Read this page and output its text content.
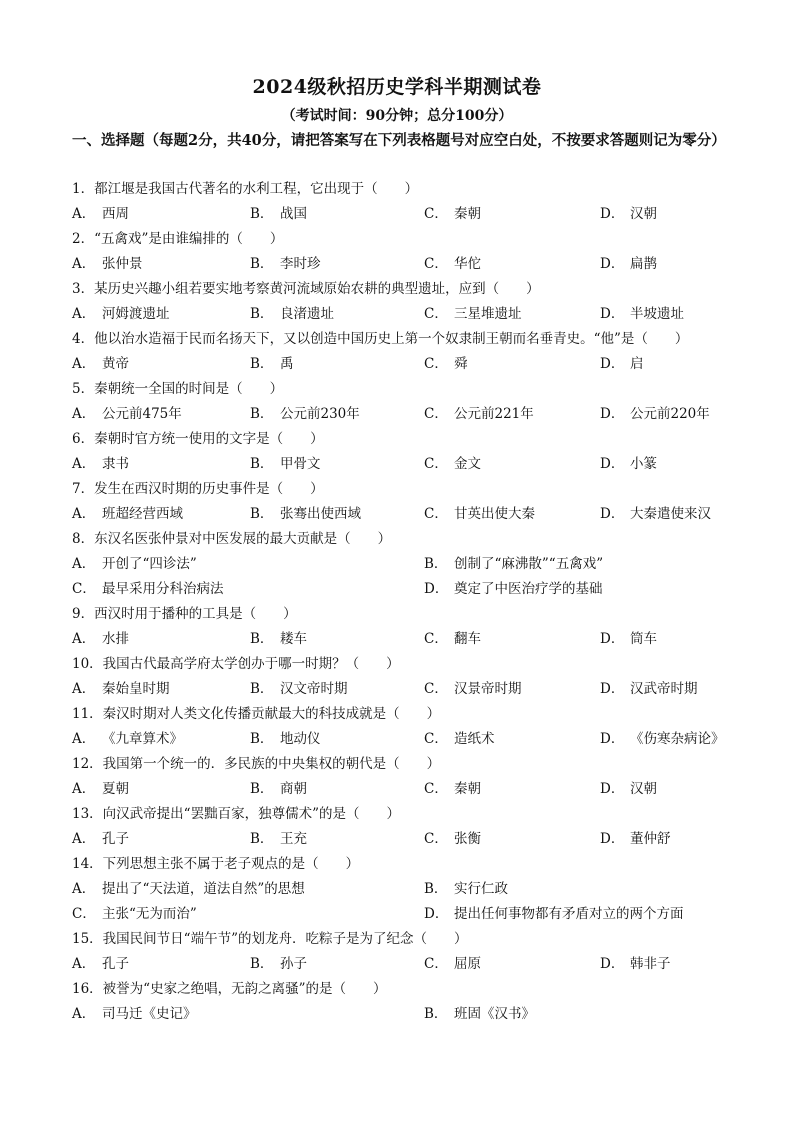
2024级秋招历史学科半期测试卷
（考试时间：90分钟；总分100分）
一、选择题（每题2分，共40分，请把答案写在下列表格题号对应空白处，不按要求答题则记为零分）
1．都江堰是我国古代著名的水利工程，它出现于（　　）
A． 西周	B． 战国	C． 秦朝	D． 汉朝
2．“五禽戏”是由谁编排的（　　）
A． 张仲景	B． 李时珍	C． 华佗	D． 扁鹊
3．某历史兴趣小组若要实地考察黄河流域原始农耕的典型遗址，应到（　　）
A． 河姆渡遗址	B． 良渚遗址	C． 三星堆遗址	D． 半坡遗址
4．他以治水造福于民而名扬天下，又以创造中国历史上第一个奴隶制王朝而名垂青史。“他”是（　　）
A． 黄帝	B． 禹	C． 舜	D． 启
5．秦朝统一全国的时间是（　　）
A． 公元前475年	B． 公元前230年	C． 公元前221年	D． 公元前220年
6．秦朝时官方统一使用的文字是（　　）
A． 隶书	B． 甲骨文	C． 金文	D． 小篆
7．发生在西汉时期的历史事件是（　　）
A． 班超经营西域	B． 张骞出使西域	C． 甘英出使大秦	D． 大秦遣使来汉
8．东汉名医张仲景对中医发展的最大贡献是（　　）
A． 开创了“四诊法”	B． 创制了“麻沸散”“五禽戏”
C． 最早采用分科治病法	D． 奠定了中医治疗学的基础
9．西汉时用于播种的工具是（　　）
A． 水排	B． 耧车	C． 翻车	D． 筒车
10．我国古代最高学府太学创办于哪一时期？（　　）
A． 秦始皇时期	B． 汉文帝时期	C． 汉景帝时期	D． 汉武帝时期
11．秦汉时期对人类文化传播贡献最大的科技成就是（　　）
A． 《九章算术》	B． 地动仪	C． 造纸术	D． 《伤寒杂病论》
12．我国第一个统一的．多民族的中央集权的朝代是（　　）
A． 夏朝	B． 商朝	C． 秦朝	D． 汉朝
13．向汉武帝提出“罢黜百家，独尊儒术”的是（　　）
A． 孔子	B． 王充	C． 张衡	D． 董仲舒
14．下列思想主张不属于老子观点的是（　　）
A． 提出了“天法道，道法自然”的思想	B． 实行仁政
C． 主张“无为而治”	D． 提出任何事物都有矛盾对立的两个方面
15．我国民间节日“端午节”的划龙舟．吃粽子是为了纪念（　　）
A． 孔子	B． 孙子	C． 屈原	D． 韩非子
16．被誉为“史家之绝唱，无韵之离骚”的是（　　）
A． 司马迁《史记》	B． 班固《汉书》
